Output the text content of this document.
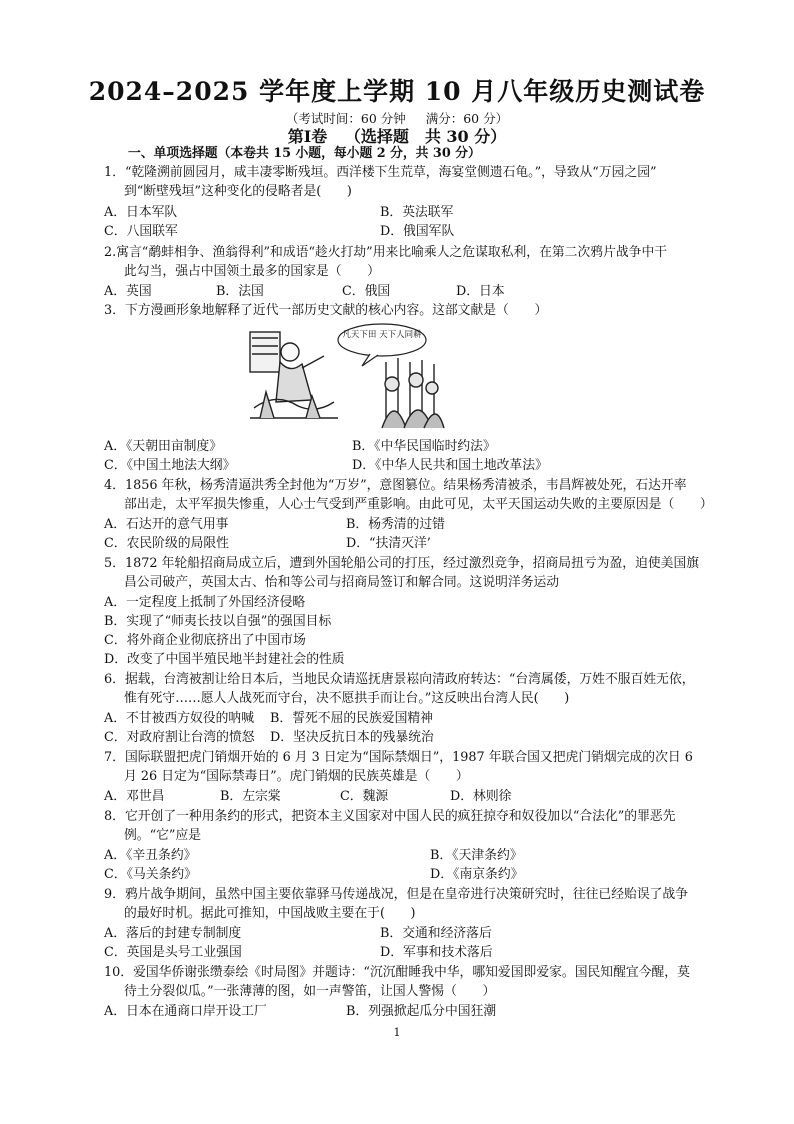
2024–2025 学年度上学期 10 月八年级历史测试卷
（考试时间：60 分钟 满分：60 分）
第Ⅰ卷 （选择题　共 30 分）
一、单项选择题（本卷共 15 小题，每小题 2 分，共 30 分）
1．“乾隆溯前圆园月，咸丰凄零断残垣。西洋楼下生荒草，海宴堂侧遗石龟。”，导致从“万园之园”
到“断壁残垣”这种变化的侵略者是(　　)
A．日本军队	B．英法联军
C．八国联军	D．俄国军队
2.寓言“鹬蚌相争、渔翁得利”和成语“趁火打劫”用来比喻乘人之危谋取私利，在第二次鸦片战争中干
此勾当，强占中国领土最多的国家是（　　）
A．英国	B．法国	C．俄国	D．日本
3．下方漫画形象地解释了近代一部历史文献的核心内容。这部文献是（　　）
凡天下田 天下人同耕
A．《天朝田亩制度》	B．《中华民国临时约法》
C．《中国土地法大纲》	D．《中华人民共和国土地改革法》
4．1856 年秋，杨秀清逼洪秀全封他为“万岁”，意图篡位。结果杨秀清被杀，韦昌辉被处死，石达开率
部出走，太平军损失惨重，人心士气受到严重影响。由此可见，太平天国运动失败的主要原因是（　　）
A．石达开的意气用事	B．杨秀清的过错
C．农民阶级的局限性	D．“扶清灭洋’
5．1872 年轮船招商局成立后，遭到外国轮船公司的打压，经过激烈竞争，招商局扭亏为盈，迫使美国旗
昌公司破产，英国太古、怡和等公司与招商局签订和解合同。这说明洋务运动
A．一定程度上抵制了外国经济侵略
B．实现了“师夷长技以自强”的强国目标
C．将外商企业彻底挤出了中国市场
D．改变了中国半殖民地半封建社会的性质
6．据载，台湾被割让给日本后，当地民众请巡抚唐景崧向清政府转达：“台湾属倭，万姓不服百姓无依，
惟有死守……愿人人战死而守台，决不愿拱手而让台。”这反映出台湾人民(　　)
A．不甘被西方奴役的呐喊 B．誓死不屈的民族爱国精神
C．对政府割让台湾的愤怒 D．坚决反抗日本的残暴统治
7．国际联盟把虎门销烟开始的 6 月 3 日定为“国际禁烟日”，1987 年联合国又把虎门销烟完成的次日 6
月 26 日定为“国际禁毒日”。虎门销烟的民族英雄是（　　）
A．邓世昌	B．左宗棠	C．魏源	D．林则徐
8．它开创了一种用条约的形式，把资本主义国家对中国人民的疯狂掠夺和奴役加以“合法化”的罪恶先
例。“它”应是
A．《辛丑条约》	B．《天津条约》
C．《马关条约》	D．《南京条约》
9．鸦片战争期间，虽然中国主要依靠驿马传递战况，但是在皇帝进行决策研究时，往往已经贻误了战争
的最好时机。据此可推知，中国战败主要在于(　　)
A．落后的封建专制制度	B．交通和经济落后
C．英国是头号工业强国	D．军事和技术落后
10．爱国华侨谢张缵泰绘《时局图》并题诗：“沉沉酣睡我中华，哪知爱国即爱家。国民知醒宜今醒，莫
待土分裂似瓜。”一张薄薄的图，如一声警笛，让国人警惕（　　）
A．日本在通商口岸开设工厂	B．列强掀起瓜分中国狂潮
1
